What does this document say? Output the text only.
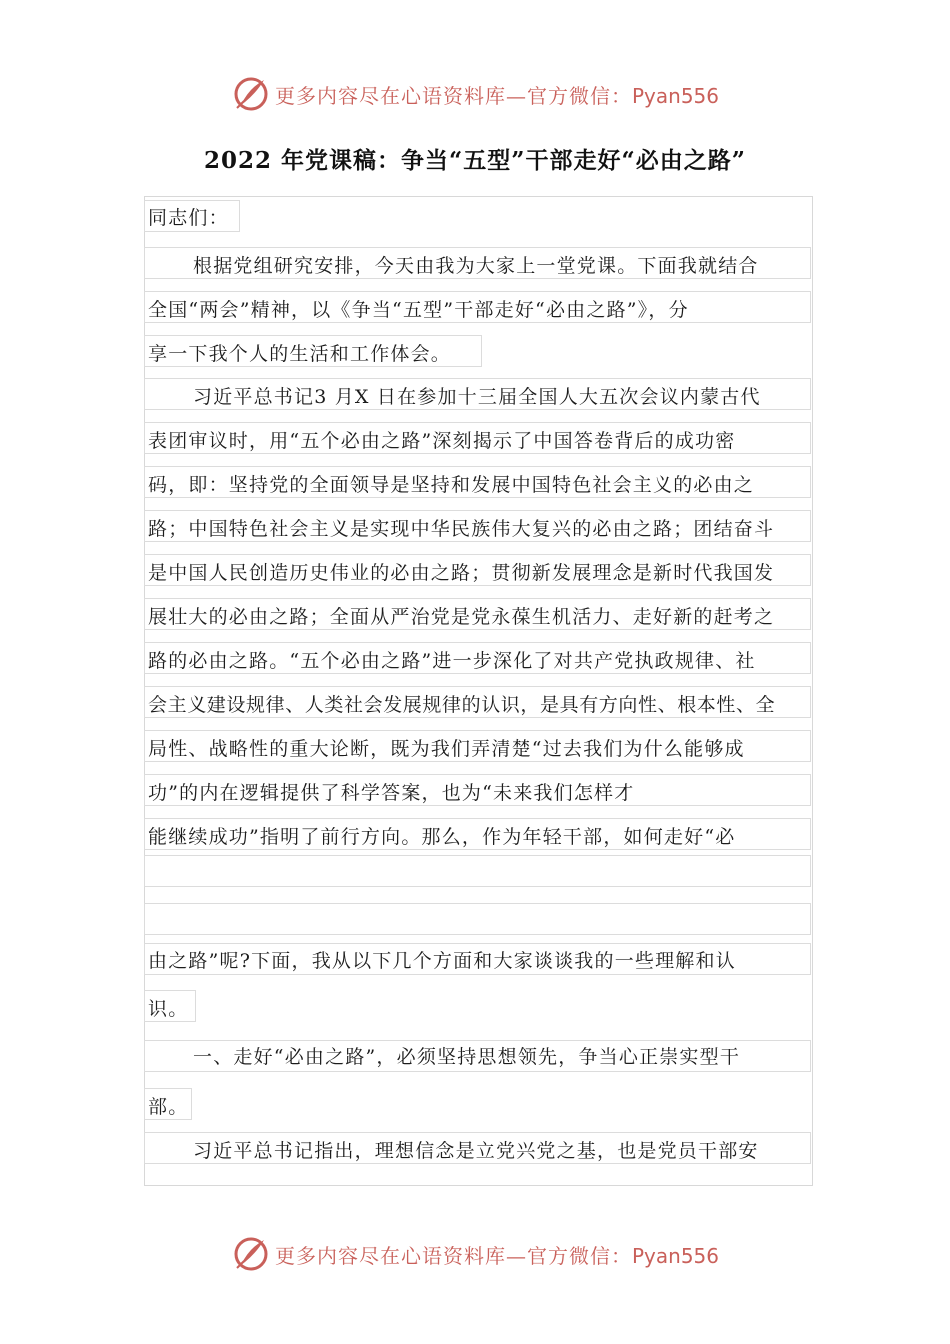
更多内容尽在心语资料库—官方微信：Pyan556
2022 年党课稿：争当“五型”干部走好“必由之路”
同志们：
根据党组研究安排，今天由我为大家上一堂党课。下面我就结合
全国“两会”精神，以《争当“五型”干部走好“必由之路”》，分
享一下我个人的生活和工作体会。
习近平总书记3 月X 日在参加十三届全国人大五次会议内蒙古代
表团审议时，用“五个必由之路”深刻揭示了中国答卷背后的成功密
码，即：坚持党的全面领导是坚持和发展中国特色社会主义的必由之
路；中国特色社会主义是实现中华民族伟大复兴的必由之路；团结奋斗
是中国人民创造历史伟业的必由之路；贯彻新发展理念是新时代我国发
展壮大的必由之路；全面从严治党是党永葆生机活力、走好新的赶考之
路的必由之路。“五个必由之路”进一步深化了对共产党执政规律、社
会主义建设规律、人类社会发展规律的认识，是具有方向性、根本性、全
局性、战略性的重大论断，既为我们弄清楚“过去我们为什么能够成
功”的内在逻辑提供了科学答案，也为“未来我们怎样才
能继续成功”指明了前行方向。那么，作为年轻干部，如何走好“必
由之路”呢?下面，我从以下几个方面和大家谈谈我的一些理解和认
识。
一、走好“必由之路”，必须坚持思想领先，争当心正崇实型干
部。
习近平总书记指出，理想信念是立党兴党之基，也是党员干部安
更多内容尽在心语资料库—官方微信：Pyan556
